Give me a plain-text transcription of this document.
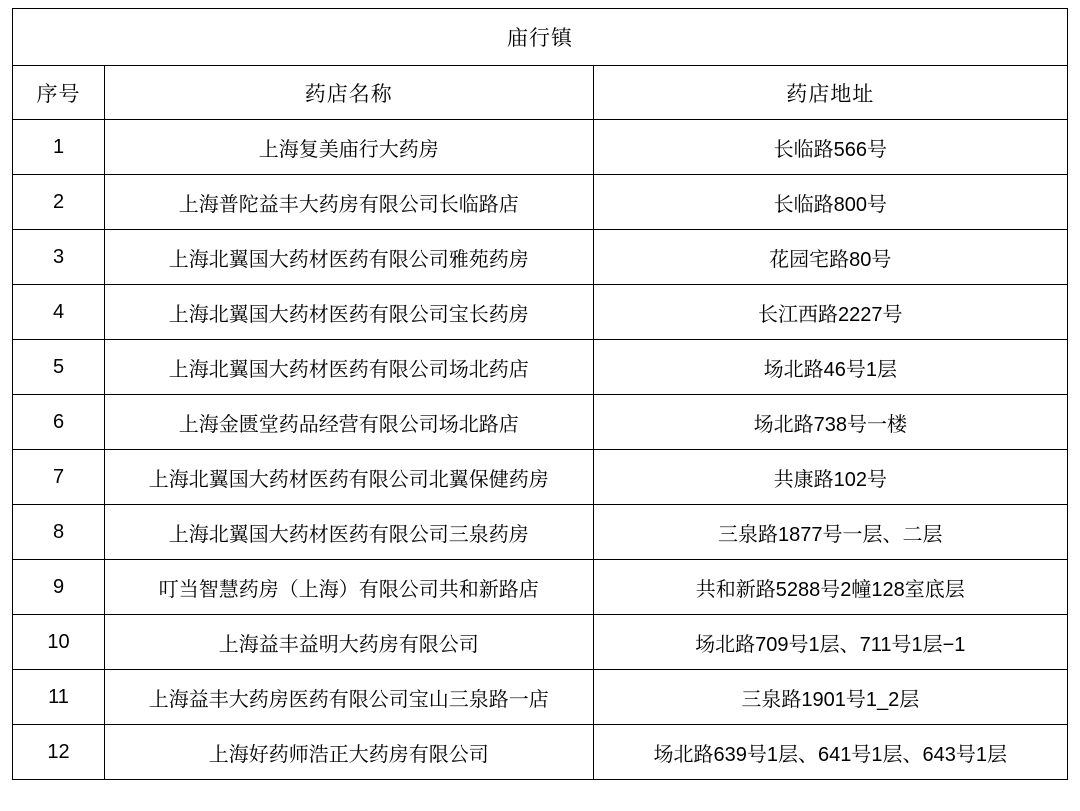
庙行镇		
序号	药店名称	药店地址
1	上海复美庙行大药房	长临路566号
2	上海普陀益丰大药房有限公司长临路店	长临路800号
3	上海北翼国大药材医药有限公司雅苑药房	花园宅路80号
4	上海北翼国大药材医药有限公司宝长药房	长江西路2227号
5	上海北翼国大药材医药有限公司场北药店	场北路46号1层
6	上海金匮堂药品经营有限公司场北路店	场北路738号一楼
7	上海北翼国大药材医药有限公司北翼保健药房	共康路102号
8	上海北翼国大药材医药有限公司三泉药房	三泉路1877号一层、二层
9	叮当智慧药房（上海）有限公司共和新路店	共和新路5288号2幢128室底层
10	上海益丰益明大药房有限公司	场北路709号1层、711号1层−1
11	上海益丰大药房医药有限公司宝山三泉路一店	三泉路1901号1_2层
12	上海好药师浩正大药房有限公司	场北路639号1层、641号1层、643号1层
